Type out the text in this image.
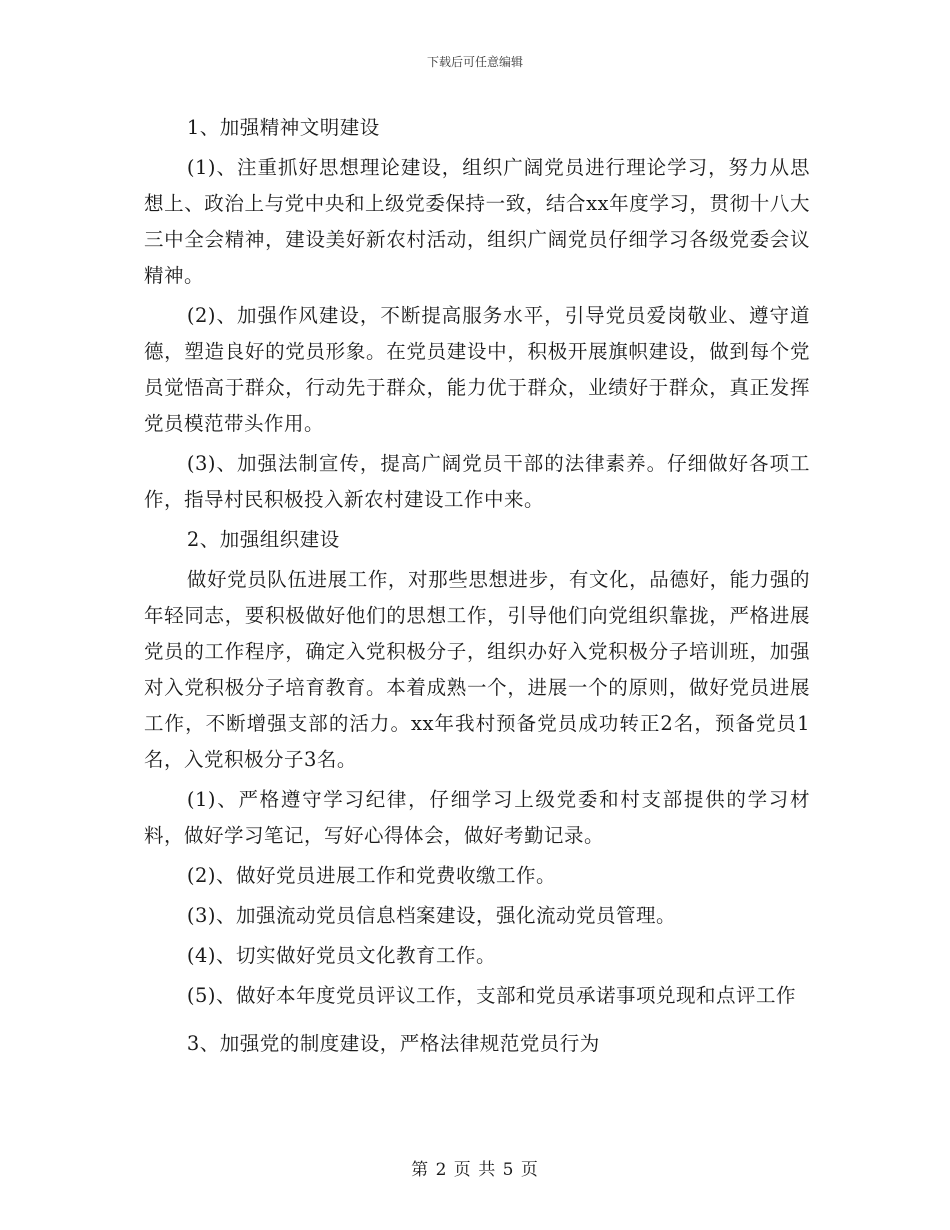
下载后可任意编辑

1、加强精神文明建设

(1)、注重抓好思想理论建设，组织广阔党员进行理论学习，努力从思想上、政治上与党中央和上级党委保持一致，结合xx年度学习，贯彻十八大三中全会精神，建设美好新农村活动，组织广阔党员仔细学习各级党委会议精神。

(2)、加强作风建设，不断提高服务水平，引导党员爱岗敬业、遵守道德，塑造良好的党员形象。在党员建设中，积极开展旗帜建设，做到每个党员觉悟高于群众，行动先于群众，能力优于群众，业绩好于群众，真正发挥党员模范带头作用。

(3)、加强法制宣传，提高广阔党员干部的法律素养。仔细做好各项工作，指导村民积极投入新农村建设工作中来。

2、加强组织建设

做好党员队伍进展工作，对那些思想进步，有文化，品德好，能力强的年轻同志，要积极做好他们的思想工作，引导他们向党组织靠拢，严格进展党员的工作程序，确定入党积极分子，组织办好入党积极分子培训班，加强对入党积极分子培育教育。本着成熟一个，进展一个的原则，做好党员进展工作，不断增强支部的活力。xx年我村预备党员成功转正2名，预备党员1名，入党积极分子3名。

(1)、严格遵守学习纪律，仔细学习上级党委和村支部提供的学习材料，做好学习笔记，写好心得体会，做好考勤记录。

(2)、做好党员进展工作和党费收缴工作。

(3)、加强流动党员信息档案建设，强化流动党员管理。

(4)、切实做好党员文化教育工作。

(5)、做好本年度党员评议工作，支部和党员承诺事项兑现和点评工作

3、加强党的制度建设，严格法律规范党员行为

第 2 页 共 5 页
